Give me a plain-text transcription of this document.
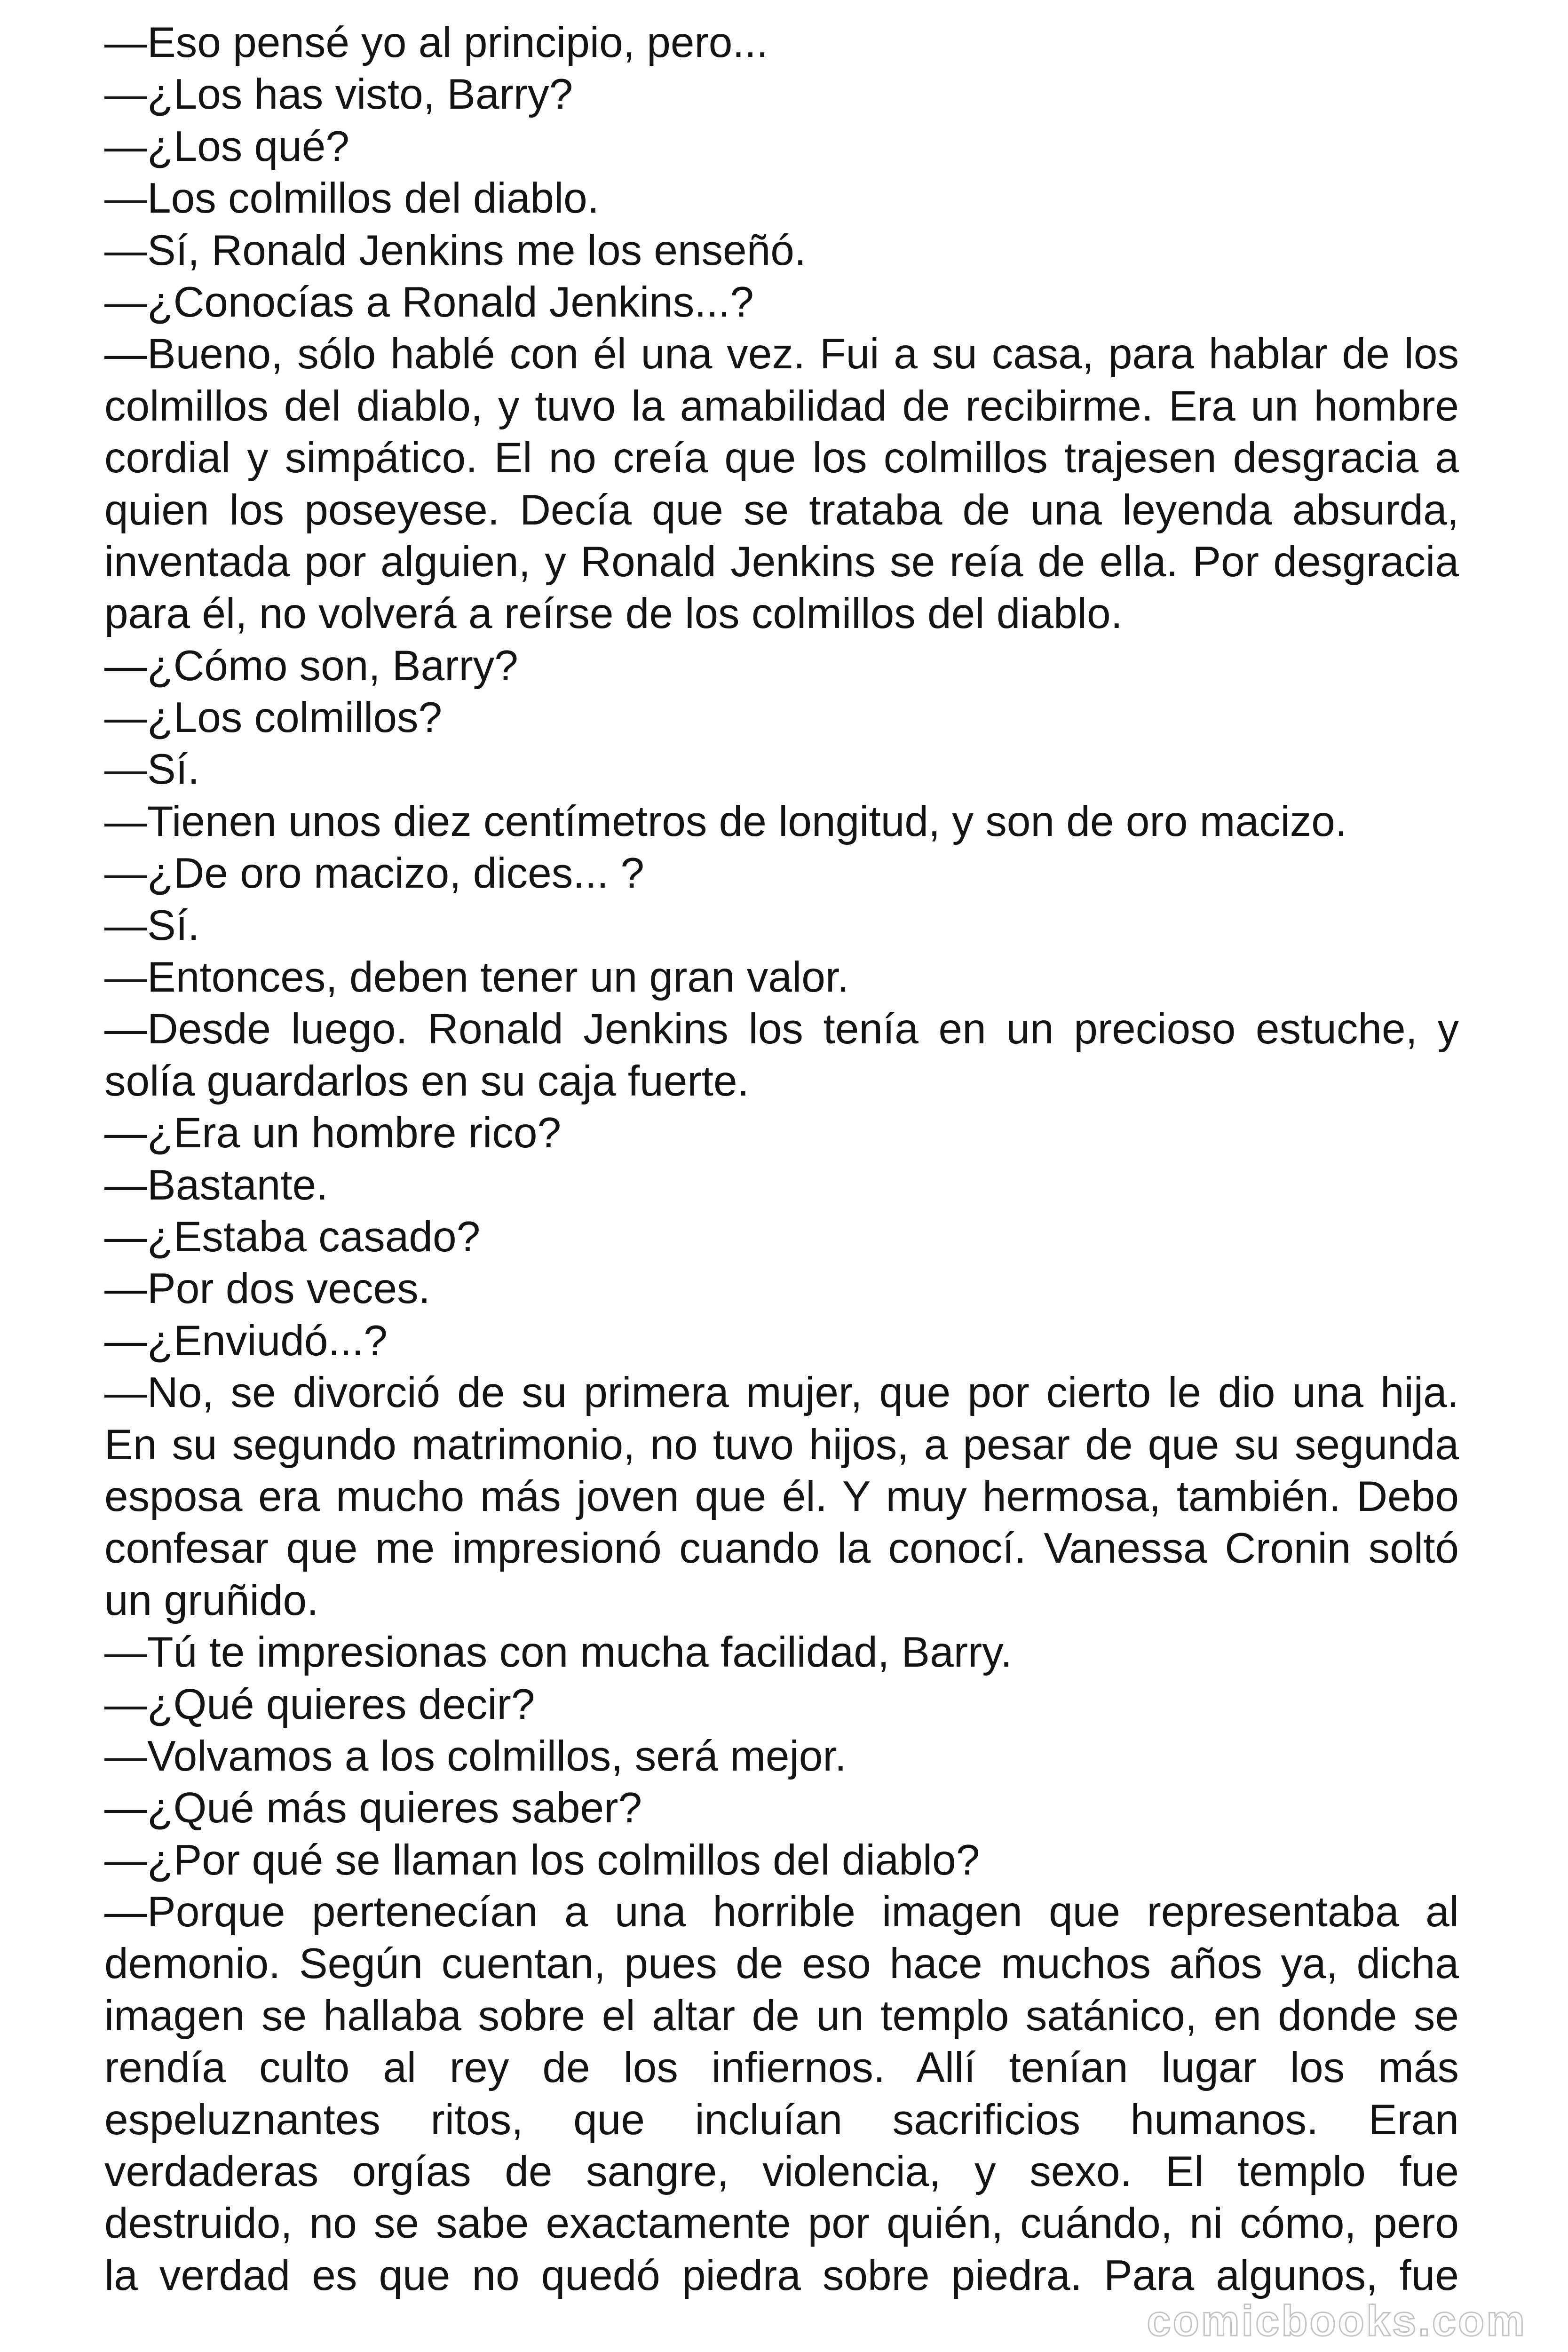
—Eso pensé yo al principio, pero...
—¿Los has visto, Barry?
—¿Los qué?
—Los colmillos del diablo.
—Sí, Ronald Jenkins me los enseñó.
—¿Conocías a Ronald Jenkins...?
—Bueno, sólo hablé con él una vez. Fui a su casa, para hablar de los
colmillos del diablo, y tuvo la amabilidad de recibirme. Era un hombre
cordial y simpático. El no creía que los colmillos trajesen desgracia a
quien los poseyese. Decía que se trataba de una leyenda absurda,
inventada por alguien, y Ronald Jenkins se reía de ella. Por desgracia
para él, no volverá a reírse de los colmillos del diablo.
—¿Cómo son, Barry?
—¿Los colmillos?
—Sí.
—Tienen unos diez centímetros de longitud, y son de oro macizo.
—¿De oro macizo, dices... ?
—Sí.
—Entonces, deben tener un gran valor.
—Desde luego. Ronald Jenkins los tenía en un precioso estuche, y
solía guardarlos en su caja fuerte.
—¿Era un hombre rico?
—Bastante.
—¿Estaba casado?
—Por dos veces.
—¿Enviudó...?
—No, se divorció de su primera mujer, que por cierto le dio una hija.
En su segundo matrimonio, no tuvo hijos, a pesar de que su segunda
esposa era mucho más joven que él. Y muy hermosa, también. Debo
confesar que me impresionó cuando la conocí. Vanessa Cronin soltó
un gruñido.
—Tú te impresionas con mucha facilidad, Barry.
—¿Qué quieres decir?
—Volvamos a los colmillos, será mejor.
—¿Qué más quieres saber?
—¿Por qué se llaman los colmillos del diablo?
—Porque pertenecían a una horrible imagen que representaba al
demonio. Según cuentan, pues de eso hace muchos años ya, dicha
imagen se hallaba sobre el altar de un templo satánico, en donde se
rendía culto al rey de los infiernos. Allí tenían lugar los más
espeluznantes ritos, que incluían sacrificios humanos. Eran
verdaderas orgías de sangre, violencia, y sexo. El templo fue
destruido, no se sabe exactamente por quién, cuándo, ni cómo, pero
la verdad es que no quedó piedra sobre piedra. Para algunos, fue
comicbooks.com
